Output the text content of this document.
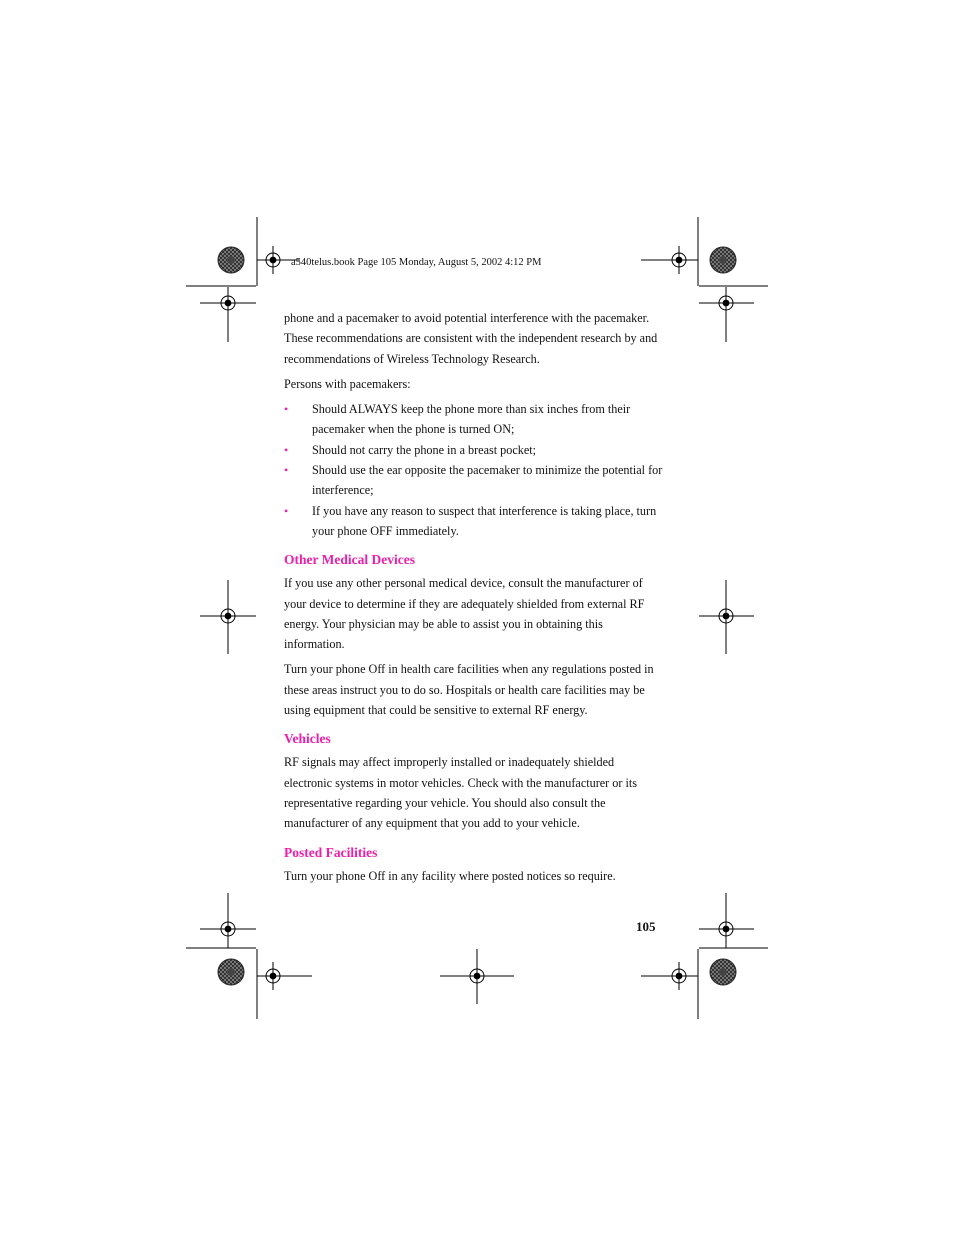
a540telus.book Page 105 Monday, August 5, 2002 4:12 PM

phone and a pacemaker to avoid potential interference with the pacemaker. These recommendations are consistent with the independent research by and recommendations of Wireless Technology Research.

Persons with pacemakers:

• Should ALWAYS keep the phone more than six inches from their pacemaker when the phone is turned ON;
• Should not carry the phone in a breast pocket;
• Should use the ear opposite the pacemaker to minimize the potential for interference;
• If you have any reason to suspect that interference is taking place, turn your phone OFF immediately.
Other Medical Devices

If you use any other personal medical device, consult the manufacturer of your device to determine if they are adequately shielded from external RF energy. Your physician may be able to assist you in obtaining this information.

Turn your phone Off in health care facilities when any regulations posted in these areas instruct you to do so. Hospitals or health care facilities may be using equipment that could be sensitive to external RF energy.

Vehicles

RF signals may affect improperly installed or inadequately shielded electronic systems in motor vehicles. Check with the manufacturer or its representative regarding your vehicle. You should also consult the manufacturer of any equipment that you add to your vehicle.

Posted Facilities

Turn your phone Off in any facility where posted notices so require.

105
